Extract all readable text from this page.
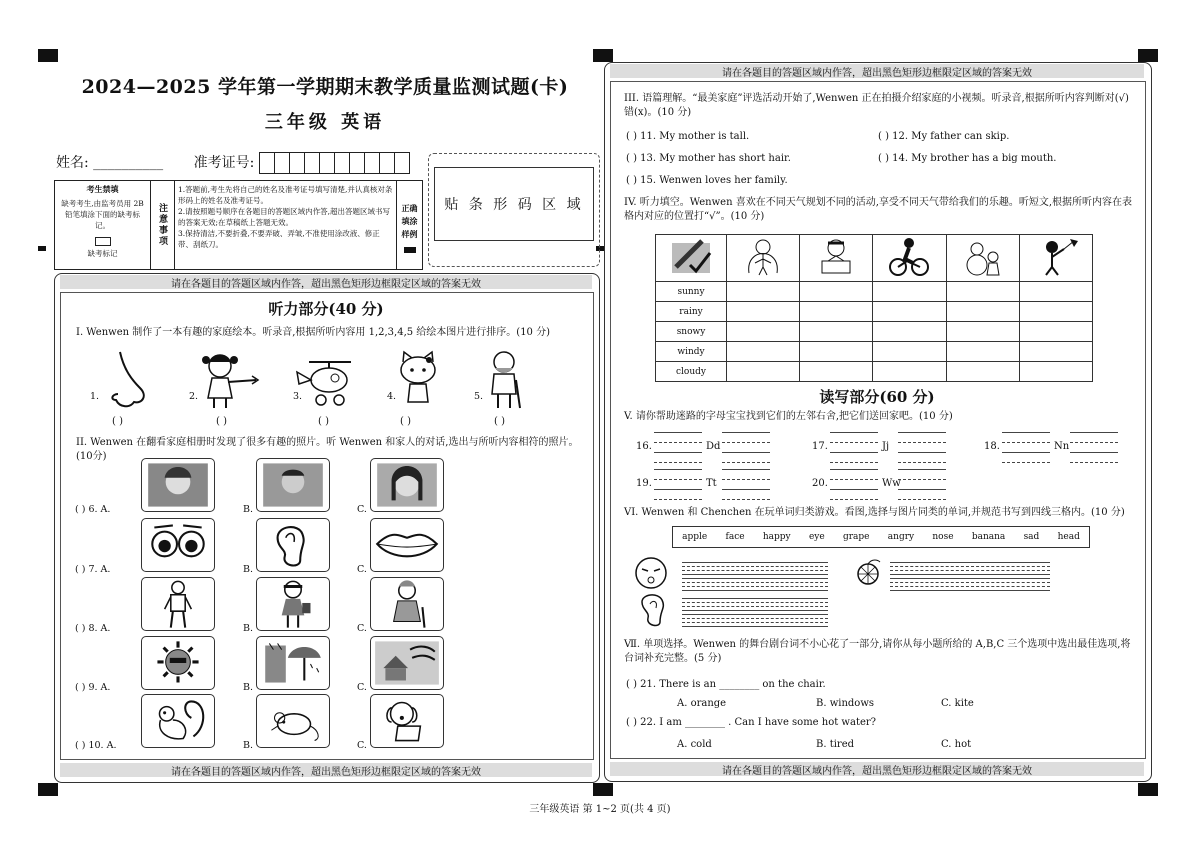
2024—2025 学年第一学期期末教学质量监测试题(卡)
三年级 英语
姓名: __________ 准考证号:
考生禁填
缺考考生,由监考员用 2B 铅笔填涂下面的缺考标记。
缺考标记
注意事项
1.答题前,考生先将自己的姓名及准考证号填写清楚,并认真核对条形码上的姓名及准考证号。
2.请按照题号顺序在各题目的答题区域内作答,超出答题区域书写的答案无效;在草稿纸上答题无效。
3.保持清洁,不要折叠,不要弄破、弄皱,不准使用涂改液、修正带、刮纸刀。
正确填涂样例
贴 条 形 码 区 域
请在各题目的答题区域内作答，超出黑色矩形边框限定区域的答案无效
请在各题目的答题区域内作答，超出黑色矩形边框限定区域的答案无效
听力部分(40 分)
I. Wenwen 制作了一本有趣的家庭绘本。听录音,根据所听内容用 1,2,3,4,5 给绘本图片进行排序。(10 分)
1.	2.	3.	4.	5.
( )	( )	( )	( )	( )
II. Wenwen 在翻看家庭相册时发现了很多有趣的照片。听 Wenwen 和家人的对话,选出与所听内容相符的照片。(10分)
( ) 6. A.	B.	C.
( ) 7. A.	B.	C.
( ) 8. A.	B.	C.
( ) 9. A.	B.	C.
( ) 10. A.	B.	C.
请在各题目的答题区域内作答，超出黑色矩形边框限定区域的答案无效
请在各题目的答题区域内作答，超出黑色矩形边框限定区域的答案无效
III. 语篇理解。“最美家庭”评选活动开始了,Wenwen 正在拍摄介绍家庭的小视频。听录音,根据所听内容判断对(√)错(x)。(10 分)
( ) 11. My mother is tall.	( ) 12. My father can skip.
( ) 13. My mother has short hair.	( ) 14. My brother has a big mouth.
( ) 15. Wenwen loves her family.
IV. 听力填空。Wenwen 喜欢在不同天气规划不同的活动,享受不同天气带给我们的乐趣。听短文,根据所听内容在表格内对应的位置打“√”。(10 分)

sunny					
rainy					
snowy					
windy					
cloudy					
读写部分(60 分)
V. 请你帮助迷路的字母宝宝找到它们的左邻右舍,把它们送回家吧。(10 分)
16.	Dd	17.	Jj	18.	Nn
19.	Tt	20.	Ww
VI. Wenwen 和 Chenchen 在玩单词归类游戏。看图,选择与图片同类的单词,并规范书写到四线三格内。(10 分)
apple face happy eye grape angry nose banana sad head
Ⅶ. 单项选择。Wenwen 的舞台剧台词不小心花了一部分,请你从每小题所给的 A,B,C 三个选项中选出最佳选项,将台词补充完整。(5 分)
( ) 21. There is an ________ on the chair.
A. orange	B. windows	C. kite
( ) 22. I am ________ . Can I have some hot water?
A. cold	B. tired	C. hot
三年级英语 第 1~2 页(共 4 页)
